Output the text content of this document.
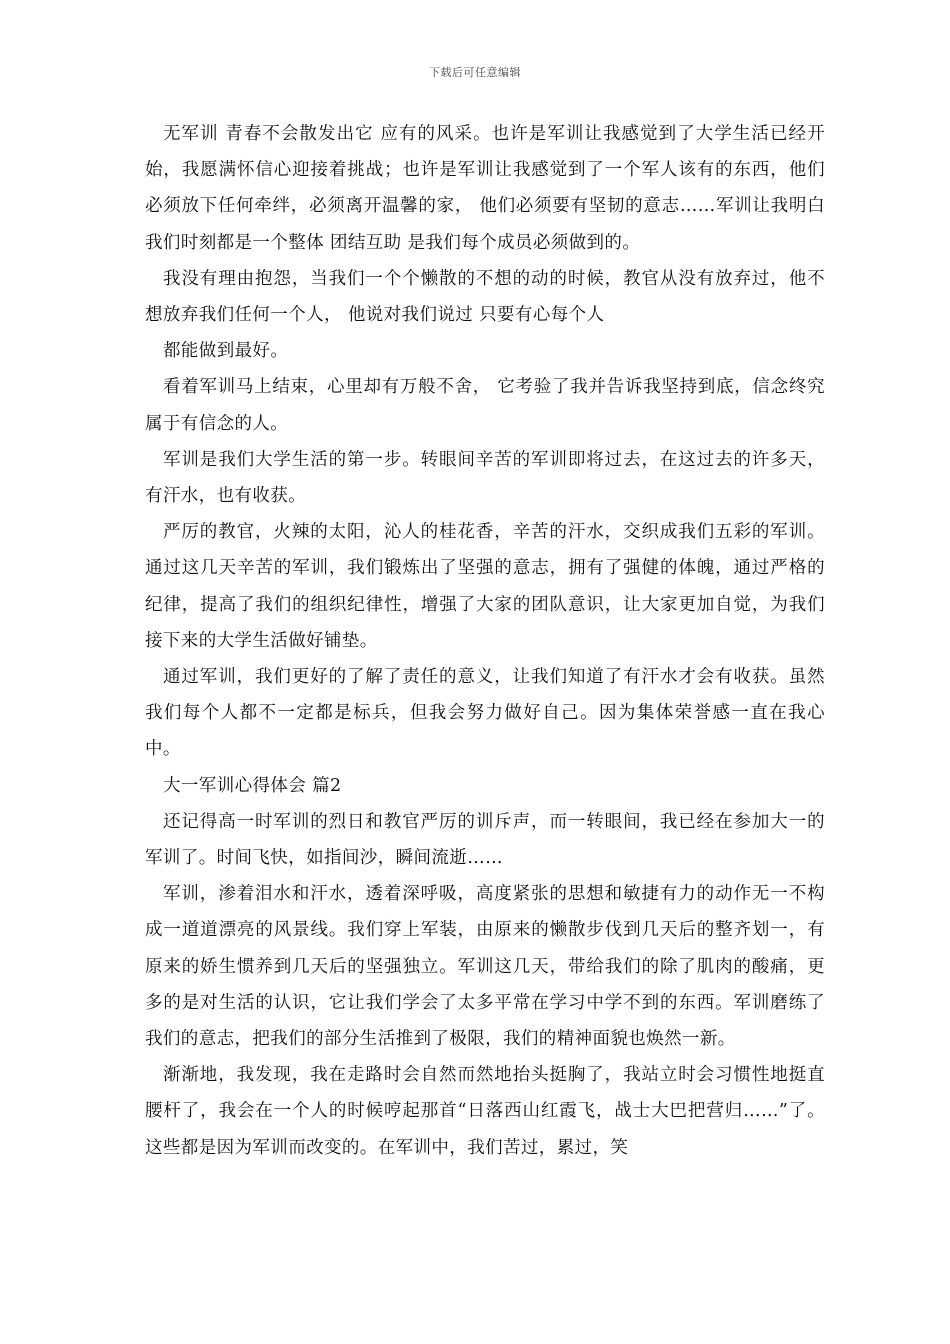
下载后可任意编辑

无军训 青春不会散发出它 应有的风采。也许是军训让我感觉到了大学生活已经开始，我愿满怀信心迎接着挑战；也许是军训让我感觉到了一个军人该有的东西，他们必须放下任何牵绊，必须离开温馨的家， 他们必须要有坚韧的意志……军训让我明白我们时刻都是一个整体 团结互助 是我们每个成员必须做到的。

我没有理由抱怨，当我们一个个懒散的不想的动的时候，教官从没有放弃过，他不想放弃我们任何一个人， 他说对我们说过 只要有心每个人

都能做到最好。

看着军训马上结束，心里却有万般不舍， 它考验了我并告诉我坚持到底，信念终究属于有信念的人。

军训是我们大学生活的第一步。转眼间辛苦的军训即将过去，在这过去的许多天，有汗水，也有收获。

严厉的教官，火辣的太阳，沁人的桂花香，辛苦的汗水，交织成我们五彩的军训。通过这几天辛苦的军训，我们锻炼出了坚强的意志，拥有了强健的体魄，通过严格的纪律，提高了我们的组织纪律性，增强了大家的团队意识，让大家更加自觉，为我们接下来的大学生活做好铺垫。

通过军训，我们更好的了解了责任的意义，让我们知道了有汗水才会有收获。虽然我们每个人都不一定都是标兵，但我会努力做好自己。因为集体荣誉感一直在我心中。

大一军训心得体会 篇2

还记得高一时军训的烈日和教官严厉的训斥声，而一转眼间，我已经在参加大一的军训了。时间飞快，如指间沙，瞬间流逝……

军训，渗着泪水和汗水，透着深呼吸，高度紧张的思想和敏捷有力的动作无一不构成一道道漂亮的风景线。我们穿上军装，由原来的懒散步伐到几天后的整齐划一，有原来的娇生惯养到几天后的坚强独立。军训这几天，带给我们的除了肌肉的酸痛，更多的是对生活的认识，它让我们学会了太多平常在学习中学不到的东西。军训磨练了我们的意志，把我们的部分生活推到了极限，我们的精神面貌也焕然一新。

渐渐地，我发现，我在走路时会自然而然地抬头挺胸了，我站立时会习惯性地挺直腰杆了，我会在一个人的时候哼起那首“日落西山红霞飞，战士大巴把营归……”了。这些都是因为军训而改变的。在军训中，我们苦过，累过，笑
